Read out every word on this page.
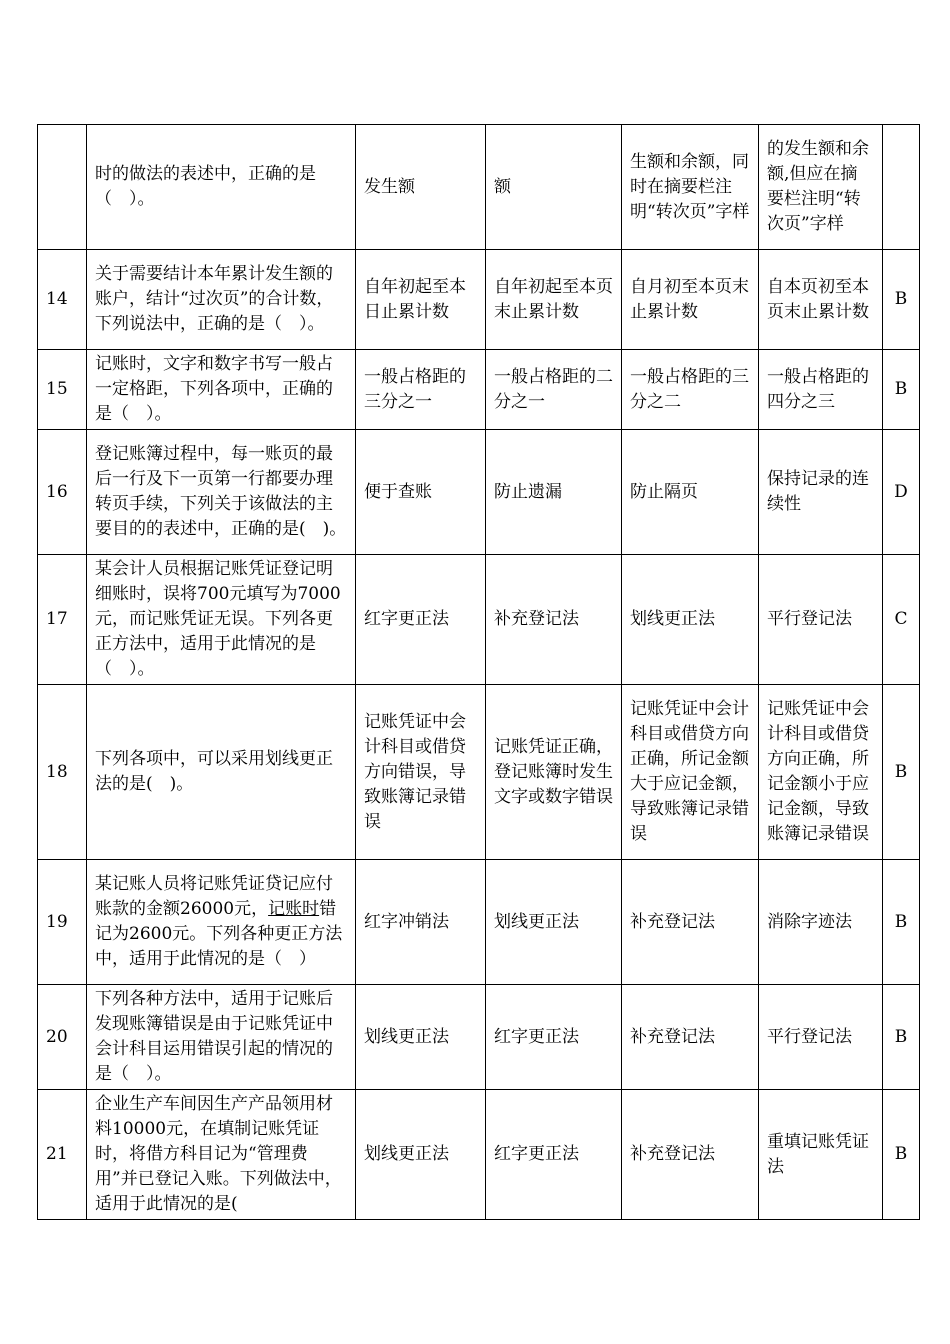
	时的做法的表述中，正确的是（　）。	发生额	额	生额和余额，同时在摘要栏注明“转次页”字样	的发生额和余额,但应在摘要栏注明“转次页”字样	
14	关于需要结计本年累计发生额的账户，结计“过次页”的合计数，下列说法中，正确的是（　）。	自年初起至本日止累计数	自年初起至本页末止累计数	自月初至本页末止累计数	自本页初至本页末止累计数	B
15	记账时，文字和数字书写一般占一定格距，下列各项中，正确的是（　）。	一般占格距的三分之一	一般占格距的二分之一	一般占格距的三分之二	一般占格距的四分之三	B
16	登记账簿过程中，每一账页的最后一行及下一页第一行都要办理转页手续，下列关于该做法的主要目的的表述中，正确的是(　)。	便于查账	防止遗漏	防止隔页	保持记录的连续性	D
17	某会计人员根据记账凭证登记明细账时，误将700元填写为7000元，而记账凭证无误。下列各更正方法中，适用于此情况的是（　）。	红字更正法	补充登记法	划线更正法	平行登记法	C
18	下列各项中，可以采用划线更正法的是(　)。	记账凭证中会计科目或借贷方向错误，导致账簿记录错误	记账凭证正确，登记账簿时发生文字或数字错误	记账凭证中会计科目或借贷方向正确，所记金额大于应记金额，导致账簿记录错误	记账凭证中会计科目或借贷方向正确，所记金额小于应记金额，导致账簿记录错误	B
19	某记账人员将记账凭证贷记应付账款的金额26000元，记账时错记为2600元。下列各种更正方法中，适用于此情况的是（　）	红字冲销法	划线更正法	补充登记法	消除字迹法	B
20	下列各种方法中，适用于记账后发现账簿错误是由于记账凭证中会计科目运用错误引起的情况的是（　）。	划线更正法	红字更正法	补充登记法	平行登记法	B
21	企业生产车间因生产产品领用材料10000元，在填制记账凭证时，将借方科目记为“管理费用”并已登记入账。下列做法中，适用于此情况的是(	划线更正法	红字更正法	补充登记法	重填记账凭证法	B
